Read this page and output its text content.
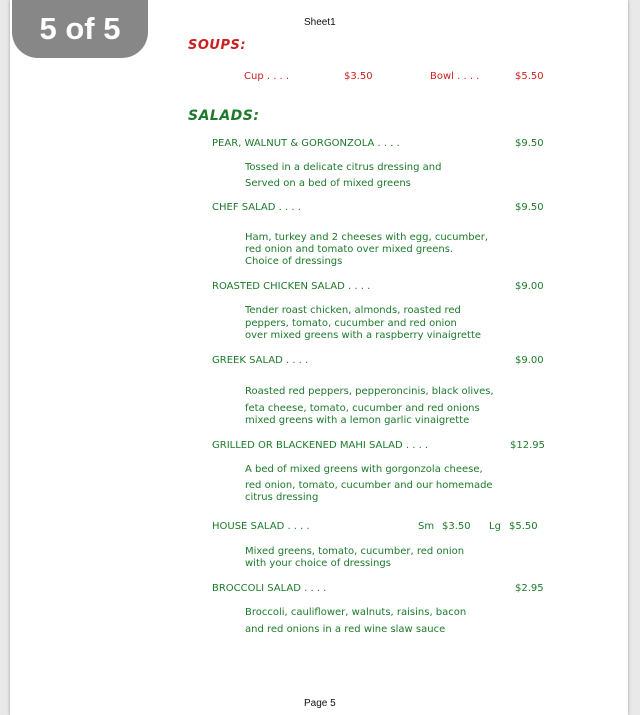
5 of 5	Sheet1
SOUPS:
Cup . . . .	$3.50	Bowl . . . .	$5.50
SALADS:
PEAR, WALNUT & GORGONZOLA . . . .	$9.50
Tossed in a delicate citrus dressing and
Served on a bed of mixed greens
CHEF SALAD . . . .	$9.50
Ham, turkey and 2 cheeses with egg, cucumber,
red onion and tomato over mixed greens.
Choice of dressings
ROASTED CHICKEN SALAD . . . .	$9.00
Tender roast chicken, almonds, roasted red
peppers, tomato, cucumber and red onion
over mixed greens with a raspberry vinaigrette
GREEK SALAD . . . .	$9.00
Roasted red peppers, pepperoncinis, black olives,
feta cheese, tomato, cucumber and red onions
mixed greens with a lemon garlic vinaigrette
GRILLED OR BLACKENED MAHI SALAD . . . .	$12.95
A bed of mixed greens with gorgonzola cheese,
red onion, tomato, cucumber and our homemade
citrus dressing
HOUSE SALAD . . . .	Sm $3.50 Lg $5.50
Mixed greens, tomato, cucumber, red onion
with your choice of dressings
BROCCOLI SALAD . . . .	$2.95
Broccoli, cauliflower, walnuts, raisins, bacon
and red onions in a red wine slaw sauce
Page 5
